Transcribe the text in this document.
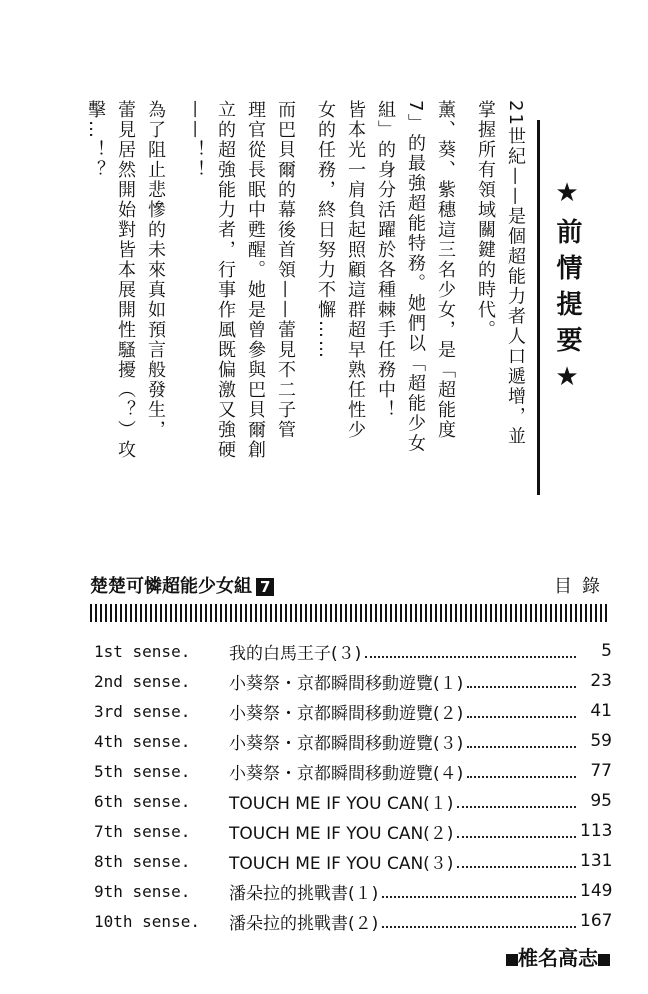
★前情提要★

21世紀——是個超能力者人口遞增，並

掌握所有領域關鍵的時代。

薰、葵、紫穗這三名少女，是「超能度

7」的最強超能特務。她們以「超能少女

組」的身分活躍於各種棘手任務中！

皆本光一肩負起照顧這群超早熟任性少

女的任務，終日努力不懈……

而巴貝爾的幕後首領——蕾見不二子管

理官從長眠中甦醒。她是曾參與巴貝爾創

立的超強能力者，行事作風既偏激又強硬

——！！

為了阻止悲慘的未來真如預言般發生，

蕾見居然開始對皆本展開性騷擾（？）攻

擊…！？

楚楚可憐超能少女組 7	目錄
1st sense.	我的白馬王子(３)	5
2nd sense.	小葵祭・京都瞬間移動遊覽(１)	23
3rd sense.	小葵祭・京都瞬間移動遊覽(２)	41
4th sense.	小葵祭・京都瞬間移動遊覽(３)	59
5th sense.	小葵祭・京都瞬間移動遊覽(４)	77
6th sense.	TOUCH ME IF YOU CAN(１)	95
7th sense.	TOUCH ME IF YOU CAN(２)	113
8th sense.	TOUCH ME IF YOU CAN(３)	131
9th sense.	潘朵拉的挑戰書(１)	149
10th sense.	潘朵拉的挑戰書(２)	167
椎名高志
